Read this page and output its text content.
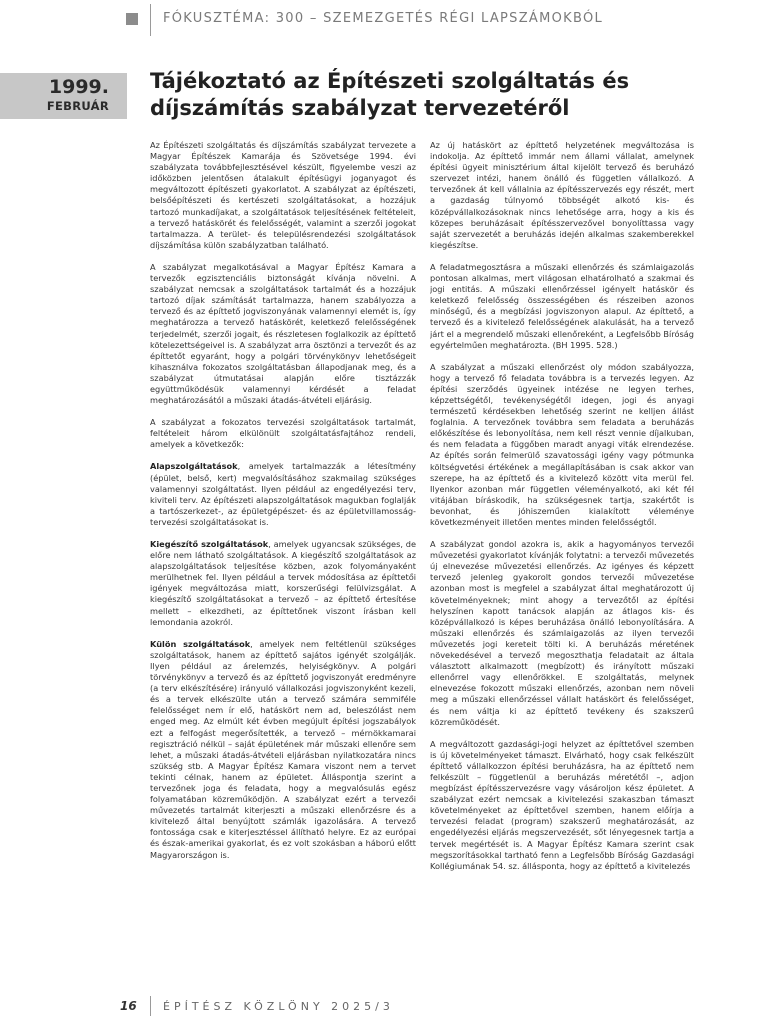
FÓKUSZTÉMA: 300 – SZEMEZGETÉS RÉGI LAPSZÁMOKBÓL
1999.
FEBRUÁR
Tájékoztató az Építészeti szolgáltatás és díjszámítás szabályzat tervezetéről

Az Építészeti szolgáltatás és díjszámítás szabályzat tervezete a Magyar Építészek Kamarája és Szövetsége 1994. évi szabályzata továbbfejlesztésével készült, figyelembe veszi az időközben jelentősen átalakult építésügyi joganyagot és megváltozott építészeti gyakorlatot. A szabályzat az építészeti, belsőépítészeti és kertészeti szolgáltatásokat, a hozzájuk tartozó munkadíjakat, a szolgáltatások teljesítésének feltételeit, a tervező hatáskörét és felelősségét, valamint a szerzői jogokat tartalmazza. A terület- és településrendezési szolgáltatások díjszámítása külön szabályzatban található.

A szabályzat megalkotásával a Magyar Építész Kamara a tervezők egzisztenciális biztonságát kívánja növelni. A szabályzat nemcsak a szolgáltatások tartalmát és a hozzájuk tartozó díjak számítását tartalmazza, hanem szabályozza a tervező és az építtető jogviszonyának valamennyi elemét is, így meghatározza a tervező hatáskörét, keletkező felelősségének terjedelmét, szerzői jogait, és részletesen foglalkozik az építtető kötelezettségeivel is. A szabályzat arra ösztönzi a tervezőt és az építtetőt egyaránt, hogy a polgári törvénykönyv lehetőségeit kihasználva fokozatos szolgáltatásban állapodjanak meg, és a szabályzat útmutatásai alapján előre tisztázzák együttműködésük valamennyi kérdését a feladat meghatározásától a műszaki átadás-átvételi eljárásig.

A szabályzat a fokozatos tervezési szolgáltatások tartalmát, feltételeit három elkülönült szolgáltatásfajtához rendeli, amelyek a következők:

Alapszolgáltatások, amelyek tartalmazzák a létesítmény (épület, belső, kert) megvalósításához szakmailag szükséges valamennyi szolgáltatást. Ilyen például az engedélyezési terv, kiviteli terv. Az építészeti alapszolgáltatások magukban foglalják a tartószerkezet-, az épületgépészet- és az épületvillamosság-tervezési szolgáltatásokat is.

Kiegészítő szolgáltatások, amelyek ugyancsak szükséges, de előre nem látható szolgáltatások. A kiegészítő szolgáltatások az alapszolgáltatások teljesítése közben, azok folyományaként merülhetnek fel. Ilyen például a tervek módosítása az építtetői igények megváltozása miatt, korszerűségi felülvizsgálat. A kiegészítő szolgáltatásokat a tervező – az építtető értesítése mellett – elkezdheti, az építtetőnek viszont írásban kell lemondania azokról.

Külön szolgáltatások, amelyek nem feltétlenül szükséges szolgáltatások, hanem az építtető sajátos igényét szolgálják. Ilyen például az árelemzés, helyiségkönyv. A polgári törvénykönyv a tervező és az építtető jogviszonyát eredményre (a terv elkészítésére) irányuló vállalkozási jogviszonyként kezeli, és a tervek elkészülte után a tervező számára semmiféle felelősséget nem ír elő, hatáskört nem ad, beleszólást nem enged meg. Az elmúlt két évben megújult építési jogszabályok ezt a felfogást megerősítették, a tervező – mérnökkamarai regisztráció nélkül – saját épületének már műszaki ellenőre sem lehet, a műszaki átadás-átvételi eljárásban nyilatkozatára nincs szükség stb. A Magyar Építész Kamara viszont nem a tervet tekinti célnak, hanem az épületet. Álláspontja szerint a tervezőnek joga és feladata, hogy a megvalósulás egész folyamatában közreműködjön. A szabályzat ezért a tervezői művezetés tartalmát kiterjeszti a műszaki ellenőrzésre és a kivitelező által benyújtott számlák igazolására. A tervező fontossága csak e kiterjesztéssel állítható helyre. Ez az európai és észak-amerikai gyakorlat, és ez volt szokásban a háború előtt Magyarországon is.

Az új hatáskört az építtető helyzetének megváltozása is indokolja. Az építtető immár nem állami vállalat, amelynek építési ügyeit minisztérium által kijelölt tervező és beruházó szervezet intézi, hanem önálló és független vállalkozó. A tervezőnek át kell vállalnia az építésszervezés egy részét, mert a gazdaság túlnyomó többségét alkotó kis- és középvállalkozásoknak nincs lehetősége arra, hogy a kis és közepes beruházásait építésszervezővel bonyolíttassa vagy saját szervezetét a beruházás idején alkalmas szakemberekkel kiegészítse.

A feladatmegosztásra a műszaki ellenőrzés és számlaigazolás pontosan alkalmas, mert világosan elhatárolható a szakmai és jogi entitás. A műszaki ellenőrzéssel igényelt hatáskör és keletkező felelősség összességében és részeiben azonos minőségű, és a megbízási jogviszonyon alapul. Az építtető, a tervező és a kivitelező felelősségének alakulását, ha a tervező járt el a megrendelő műszaki ellenőreként, a Legfelsőbb Bíróság egyértelműen meghatározta. (BH 1995. 528.)

A szabályzat a műszaki ellenőrzést oly módon szabályozza, hogy a tervező fő feladata továbbra is a tervezés legyen. Az építési szerződés ügyeinek intézése ne legyen terhes, képzettségétől, tevékenységétől idegen, jogi és anyagi természetű kérdésekben lehetőség szerint ne kelljen állást foglalnia. A tervezőnek továbbra sem feladata a beruházás előkészítése és lebonyolítása, nem kell részt vennie díjalkuban, és nem feladata a függőben maradt anyagi viták elrendezése. Az építés során felmerülő szavatossági igény vagy pótmunka költségvetési értékének a megállapításában is csak akkor van szerepe, ha az építtető és a kivitelező között vita merül fel. Ilyenkor azonban már független véleményalkotó, aki két fél vitájában bíráskodik, ha szükségesnek tartja, szakértőt is bevonhat, és jóhiszeműen kialakított véleménye következményeit illetően mentes minden felelősségtől.

A szabályzat gondol azokra is, akik a hagyományos tervezői művezetési gyakorlatot kívánják folytatni: a tervezői művezetés új elnevezése művezetési ellenőrzés. Az igényes és képzett tervező jelenleg gyakorolt gondos tervezői művezetése azonban most is megfelel a szabályzat által meghatározott új követelményeknek; mint ahogy a tervezőtől az építési helyszínen kapott tanácsok alapján az átlagos kis- és középvállalkozó is képes beruházása önálló lebonyolítására. A műszaki ellenőrzés és számlaigazolás az ilyen tervezői művezetés jogi kereteit tölti ki. A beruházás méretének növekedésével a tervező megoszthatja feladatait az általa választott alkalmazott (megbízott) és irányított műszaki ellenőrrel vagy ellenőrökkel. E szolgáltatás, melynek elnevezése fokozott műszaki ellenőrzés, azonban nem növeli meg a műszaki ellenőrzéssel vállalt hatáskört és felelősséget, és nem váltja ki az építtető tevékeny és szakszerű közreműködését.

A megváltozott gazdasági-jogi helyzet az építtetővel szemben is új követelményeket támaszt. Elvárható, hogy csak felkészült építtető vállalkozzon építési beruházásra, ha az építtető nem felkészült – függetlenül a beruházás méretétől –, adjon megbízást építésszervezésre vagy vásároljon kész épületet. A szabályzat ezért nemcsak a kivitelezési szakaszban támaszt követelményeket az építtetővel szemben, hanem előírja a tervezési feladat (program) szakszerű meghatározását, az engedélyezési eljárás megszervezését, sőt lényegesnek tartja a tervek megértését is. A Magyar Építész Kamara szerint csak megszorításokkal tartható fenn a Legfelsőbb Bíróság Gazdasági Kollégiumának 54. sz. állásponta, hogy az építtető a kivitelezés

16 ÉPÍTÉSZ KÖZLÖNY 2025/3
